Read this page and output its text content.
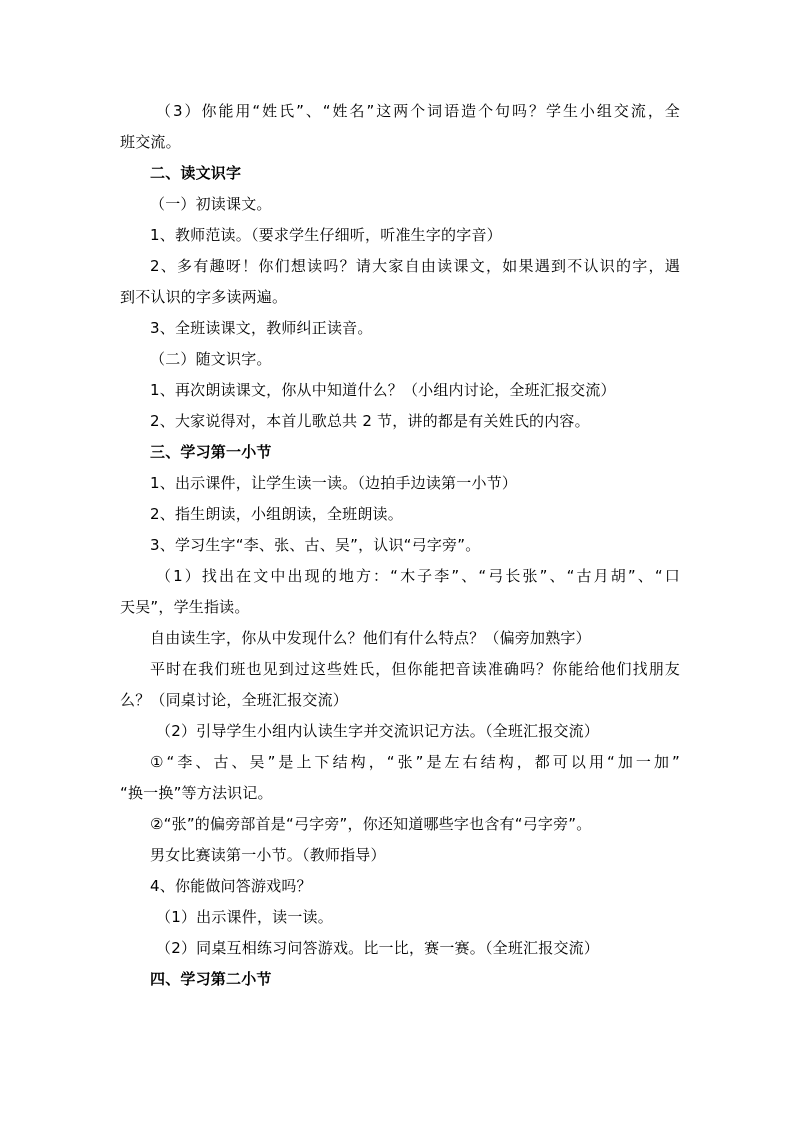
（3）你能用“姓氏”、“姓名”这两个词语造个句吗？学生小组交流，全
班交流。
二、读文识字
（一）初读课文。
1、教师范读。（要求学生仔细听，听准生字的字音）
2、多有趣呀！你们想读吗？请大家自由读课文，如果遇到不认识的字，遇
到不认识的字多读两遍。
3、全班读课文，教师纠正读音。
（二）随文识字。
1、再次朗读课文，你从中知道什么？（小组内讨论，全班汇报交流）
2、大家说得对，本首儿歌总共 2 节，讲的都是有关姓氏的内容。
三、学习第一小节
1、出示课件，让学生读一读。（边拍手边读第一小节）
2、指生朗读，小组朗读，全班朗读。
3、学习生字“李、张、古、吴”，认识“弓字旁”。
（1）找出在文中出现的地方：“木子李”、“弓长张”、“古月胡”、“口
天吴”，学生指读。
自由读生字，你从中发现什么？他们有什么特点？（偏旁加熟字）
平时在我们班也见到过这些姓氏，但你能把音读准确吗？你能给他们找朋友
么？（同桌讨论，全班汇报交流）
（2）引导学生小组内认读生字并交流识记方法。（全班汇报交流）
①“李、古、吴”是上下结构，“张”是左右结构，都可以用“加一加”
“换一换”等方法识记。
②“张”的偏旁部首是“弓字旁”，你还知道哪些字也含有“弓字旁”。
男女比赛读第一小节。（教师指导）
4、你能做问答游戏吗？
（1）出示课件，读一读。
（2）同桌互相练习问答游戏。比一比，赛一赛。（全班汇报交流）
四、学习第二小节
